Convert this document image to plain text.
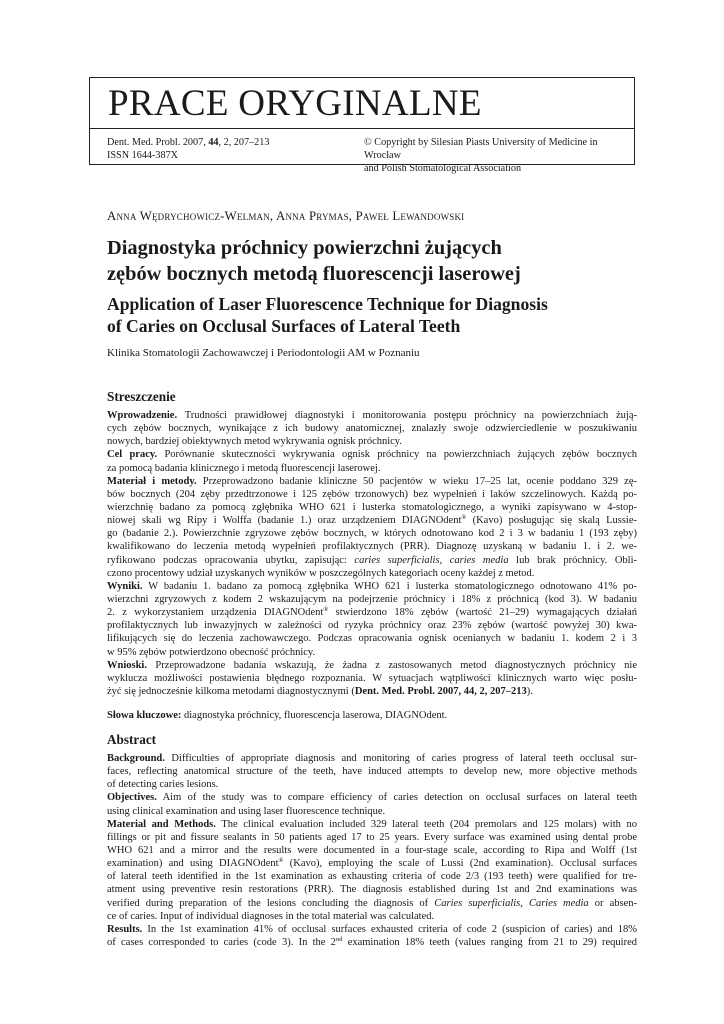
PRACE ORYGINALNE
Dent. Med. Probl. 2007, 44, 2, 207–213
ISSN 1644-387X
© Copyright by Silesian Piasts University of Medicine in Wrocław
and Polish Stomatological Association
Anna Wędrychowicz-Welman, Anna Prymas, Paweł Lewandowski
Diagnostyka próchnicy powierzchni żujących
zębów bocznych metodą fluorescencji laserowej
Application of Laser Fluorescence Technique for Diagnosis
of Caries on Occlusal Surfaces of Lateral Teeth
Klinika Stomatologii Zachowawczej i Periodontologii AM w Poznaniu
Streszczenie
Wprowadzenie. Trudności prawidłowej diagnostyki i monitorowania postępu próchnicy na powierzchniach żują-
cych zębów bocznych, wynikające z ich budowy anatomicznej, znalazły swoje odzwierciedlenie w poszukiwaniu
nowych, bardziej obiektywnych metod wykrywania ognisk próchnicy.
Cel pracy. Porównanie skuteczności wykrywania ognisk próchnicy na powierzchniach żujących zębów bocznych
za pomocą badania klinicznego i metodą fluorescencji laserowej.
Materiał i metody. Przeprowadzono badanie kliniczne 50 pacjentów w wieku 17–25 lat, ocenie poddano 329 zę-
bów bocznych (204 zęby przedtrzonowe i 125 zębów trzonowych) bez wypełnień i laków szczelinowych. Każdą po-
wierzchnię badano za pomocą zgłębnika WHO 621 i lusterka stomatologicznego, a wyniki zapisywano w 4-stop-
niowej skali wg Ripy i Wolffa (badanie 1.) oraz urządzeniem DIAGNOdent® (Kavo) posługując się skalą Lussie-
go (badanie 2.). Powierzchnie zgryzowe zębów bocznych, w których odnotowano kod 2 i 3 w badaniu 1 (193 zęby)
kwalifikowano do leczenia metodą wypełnień profilaktycznych (PRR). Diagnozę uzyskaną w badaniu 1. i 2. we-
ryfikowano podczas opracowania ubytku, zapisując: caries superficialis, caries media lub brak próchnicy. Obli-
czono procentowy udział uzyskanych wyników w poszczególnych kategoriach oceny każdej z metod.
Wyniki. W badaniu 1. badano za pomocą zgłębnika WHO 621 i lusterka stomatologicznego odnotowano 41% po-
wierzchni zgryzowych z kodem 2 wskazującym na podejrzenie próchnicy i 18% z próchnicą (kod 3). W badaniu
2. z wykorzystaniem urządzenia DIAGNOdent® stwierdzono 18% zębów (wartość 21–29) wymagających działań
profilaktycznych lub inwazyjnych w zależności od ryzyka próchnicy oraz 23% zębów (wartość powyżej 30) kwa-
lifikujących się do leczenia zachowawczego. Podczas opracowania ognisk ocenianych w badaniu 1. kodem 2 i 3
w 95% zębów potwierdzono obecność próchnicy.
Wnioski. Przeprowadzone badania wskazują, że żadna z zastosowanych metod diagnostycznych próchnicy nie
wyklucza możliwości postawienia błędnego rozpoznania. W sytuacjach wątpliwości klinicznych warto więc posłu-
żyć się jednocześnie kilkoma metodami diagnostycznymi (Dent. Med. Probl. 2007, 44, 2, 207–213).
Słowa kluczowe: diagnostyka próchnicy, fluorescencja laserowa, DIAGNOdent.
Abstract
Background. Difficulties of appropriate diagnosis and monitoring of caries progress of lateral teeth occlusal sur-
faces, reflecting anatomical structure of the teeth, have induced attempts to develop new, more objective methods
of detecting caries lesions.
Objectives. Aim of the study was to compare efficiency of caries detection on occlusal surfaces on lateral teeth
using clinical examination and using laser fluorescence technique.
Material and Methods. The clinical evaluation included 329 lateral teeth (204 premolars and 125 molars) with no
fillings or pit and fissure sealants in 50 patients aged 17 to 25 years. Every surface was examined using dental probe
WHO 621 and a mirror and the results were documented in a four-stage scale, according to Ripa and Wolff (1st
examination) and using DIAGNOdent® (Kavo), employing the scale of Lussi (2nd examination). Occlusal surfaces
of lateral teeth identified in the 1st examination as exhausting criteria of code 2/3 (193 teeth) were qualified for tre-
atment using preventive resin restorations (PRR). The diagnosis established during 1st and 2nd examinations was
verified during preparation of the lesions concluding the diagnosis of Caries superficialis, Caries media or absen-
ce of caries. Input of individual diagnoses in the total material was calculated.
Results. In the 1st examination 41% of occlusal surfaces exhausted criteria of code 2 (suspicion of caries) and 18%
of cases corresponded to caries (code 3). In the 2nd examination 18% teeth (values ranging from 21 to 29) required
